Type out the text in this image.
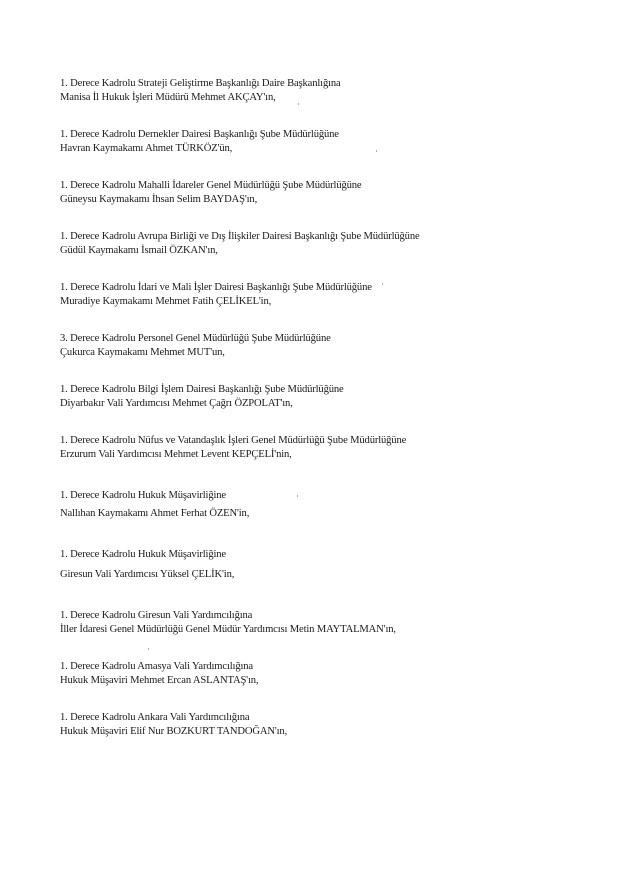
1. Derece Kadrolu Strateji Geliştirme Başkanlığı Daire Başkanlığına
Manisa İl Hukuk İşleri Müdürü Mehmet AKÇAY'ın,
1. Derece Kadrolu Dernekler Dairesi Başkanlığı Şube Müdürlüğüne
Havran Kaymakamı Ahmet TÜRKÖZ'ün,
1. Derece Kadrolu Mahalli İdareler Genel Müdürlüğü Şube Müdürlüğüne
Güneysu Kaymakamı İhsan Selim BAYDAŞ'ın,
1. Derece Kadrolu Avrupa Birliği ve Dış İlişkiler Dairesi Başkanlığı Şube Müdürlüğüne
Güdül Kaymakamı İsmail ÖZKAN'ın,
1. Derece Kadrolu İdari ve Mali İşler Dairesi Başkanlığı Şube Müdürlüğüne
Muradiye Kaymakamı Mehmet Fatih ÇELİKEL'in,
3. Derece Kadrolu Personel Genel Müdürlüğü Şube Müdürlüğüne
Çukurca Kaymakamı Mehmet MUT'un,
1. Derece Kadrolu Bilgi İşlem Dairesi Başkanlığı Şube Müdürlüğüne
Diyarbakır Vali Yardımcısı Mehmet Çağrı ÖZPOLAT'ın,
1. Derece Kadrolu Nüfus ve Vatandaşlık İşleri Genel Müdürlüğü Şube Müdürlüğüne
Erzurum Vali Yardımcısı Mehmet Levent KEPÇELİ'nin,
1. Derece Kadrolu Hukuk Müşavirliğine
Nallıhan Kaymakamı Ahmet Ferhat ÖZEN'in,
1. Derece Kadrolu Hukuk Müşavirliğine
Giresun Vali Yardımcısı Yüksel ÇELİK'in,
1. Derece Kadrolu Giresun Vali Yardımcılığına
İller İdaresi Genel Müdürlüğü Genel Müdür Yardımcısı Metin MAYTALMAN'ın,
1. Derece Kadrolu Amasya Vali Yardımcılığına
Hukuk Müşaviri Mehmet Ercan ASLANTAŞ'ın,
1. Derece Kadrolu Ankara Vali Yardımcılığına
Hukuk Müşaviri Elif Nur BOZKURT TANDOĞAN'ın,
